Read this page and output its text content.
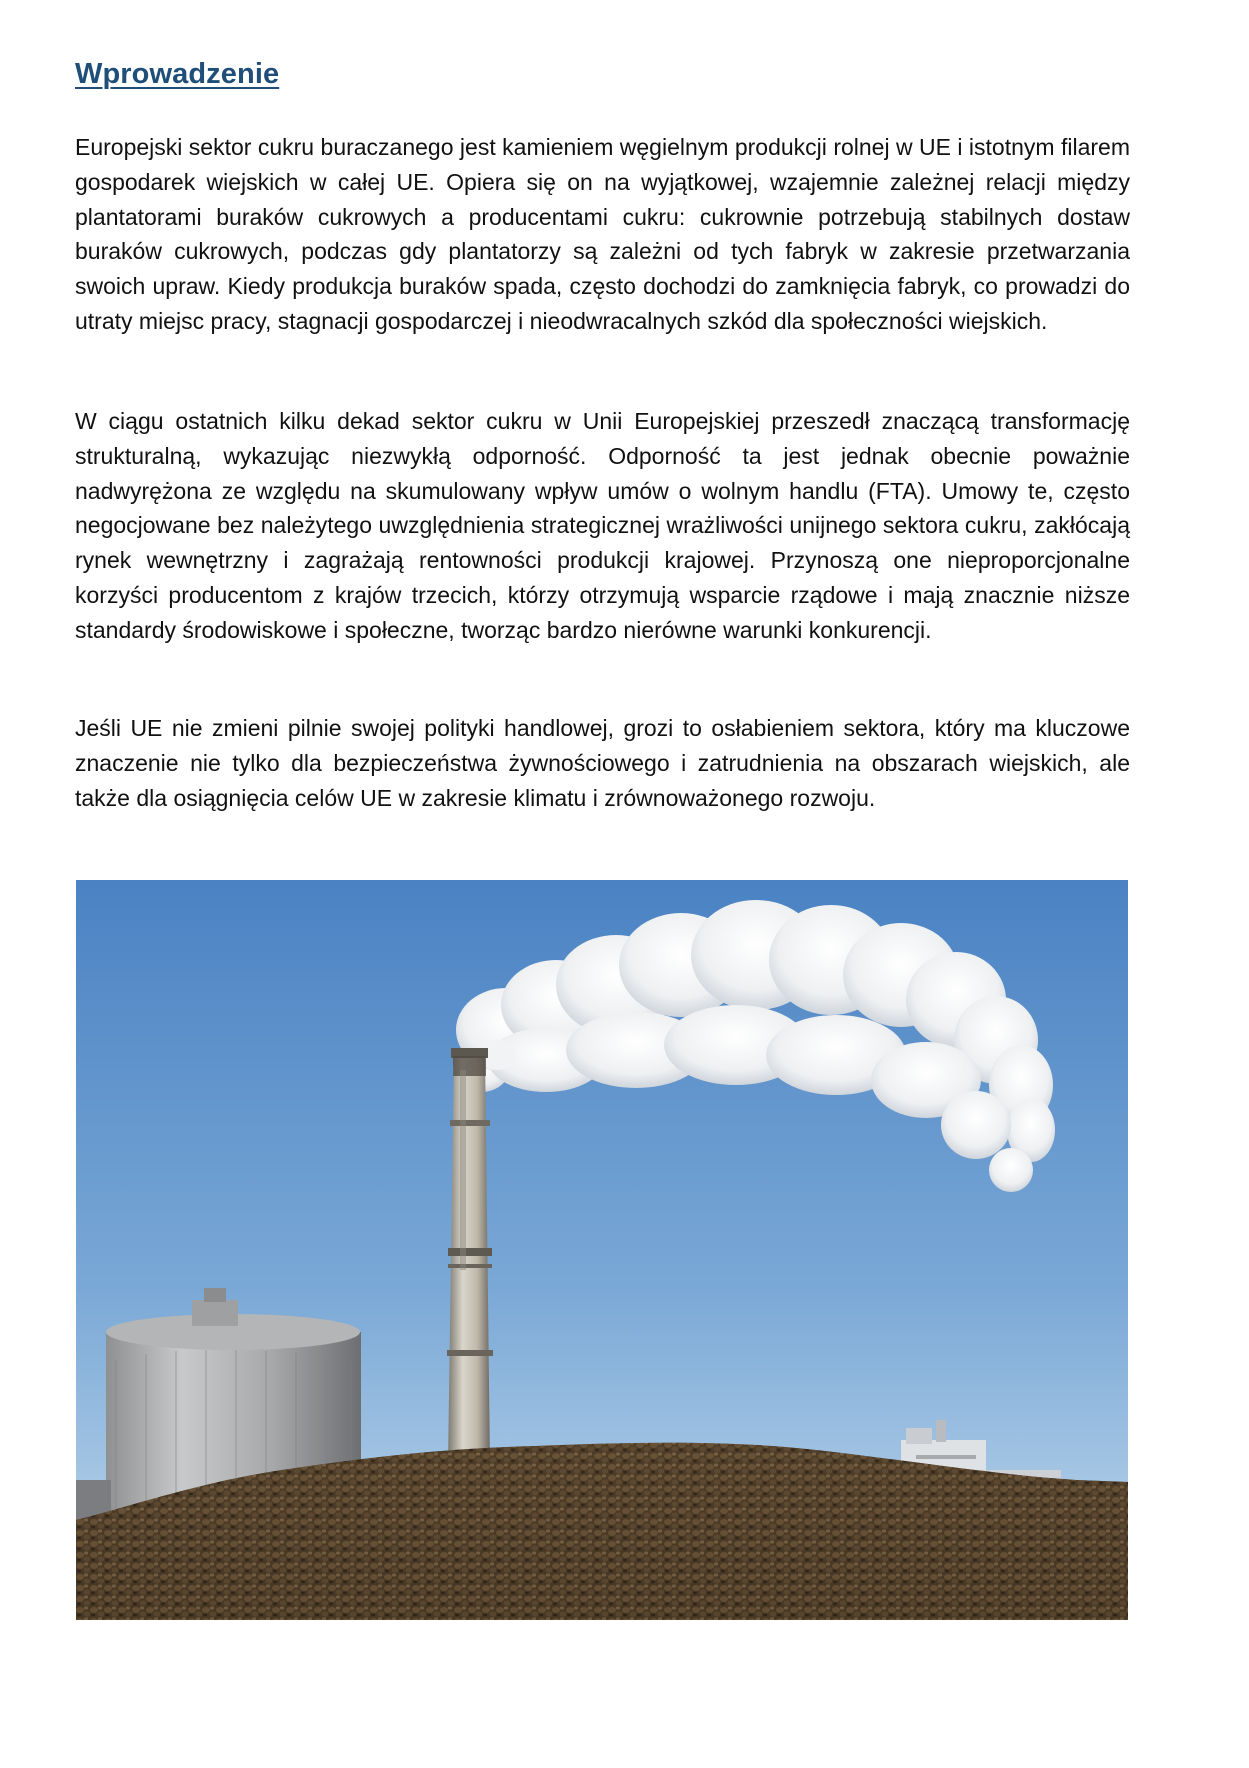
Wprowadzenie

Europejski sektor cukru buraczanego jest kamieniem węgielnym produkcji rolnej w UE i istotnym filarem gospodarek wiejskich w całej UE. Opiera się on na wyjątkowej, wzajemnie zależnej relacji między plantatorami buraków cukrowych a producentami cukru: cukrownie potrzebują stabilnych dostaw buraków cukrowych, podczas gdy plantatorzy są zależni od tych fabryk w zakresie przetwarzania swoich upraw. Kiedy produkcja buraków spada, często dochodzi do zamknięcia fabryk, co prowadzi do utraty miejsc pracy, stagnacji gospodarczej i nieodwracalnych szkód dla społeczności wiejskich.

W ciągu ostatnich kilku dekad sektor cukru w Unii Europejskiej przeszedł znaczącą transformację strukturalną, wykazując niezwykłą odporność. Odporność ta jest jednak obecnie poważnie nadwyrężona ze względu na skumulowany wpływ umów o wolnym handlu (FTA). Umowy te, często negocjowane bez należytego uwzględnienia strategicznej wrażliwości unijnego sektora cukru, zakłócają rynek wewnętrzny i zagrażają rentowności produkcji krajowej. Przynoszą one nieproporcjonalne korzyści producentom z krajów trzecich, którzy otrzymują wsparcie rządowe i mają znacznie niższe standardy środowiskowe i społeczne, tworząc bardzo nierówne warunki konkurencji.

Jeśli UE nie zmieni pilnie swojej polityki handlowej, grozi to osłabieniem sektora, który ma kluczowe znaczenie nie tylko dla bezpieczeństwa żywnościowego i zatrudnienia na obszarach wiejskich, ale także dla osiągnięcia celów UE w zakresie klimatu i zrównoważonego rozwoju.
